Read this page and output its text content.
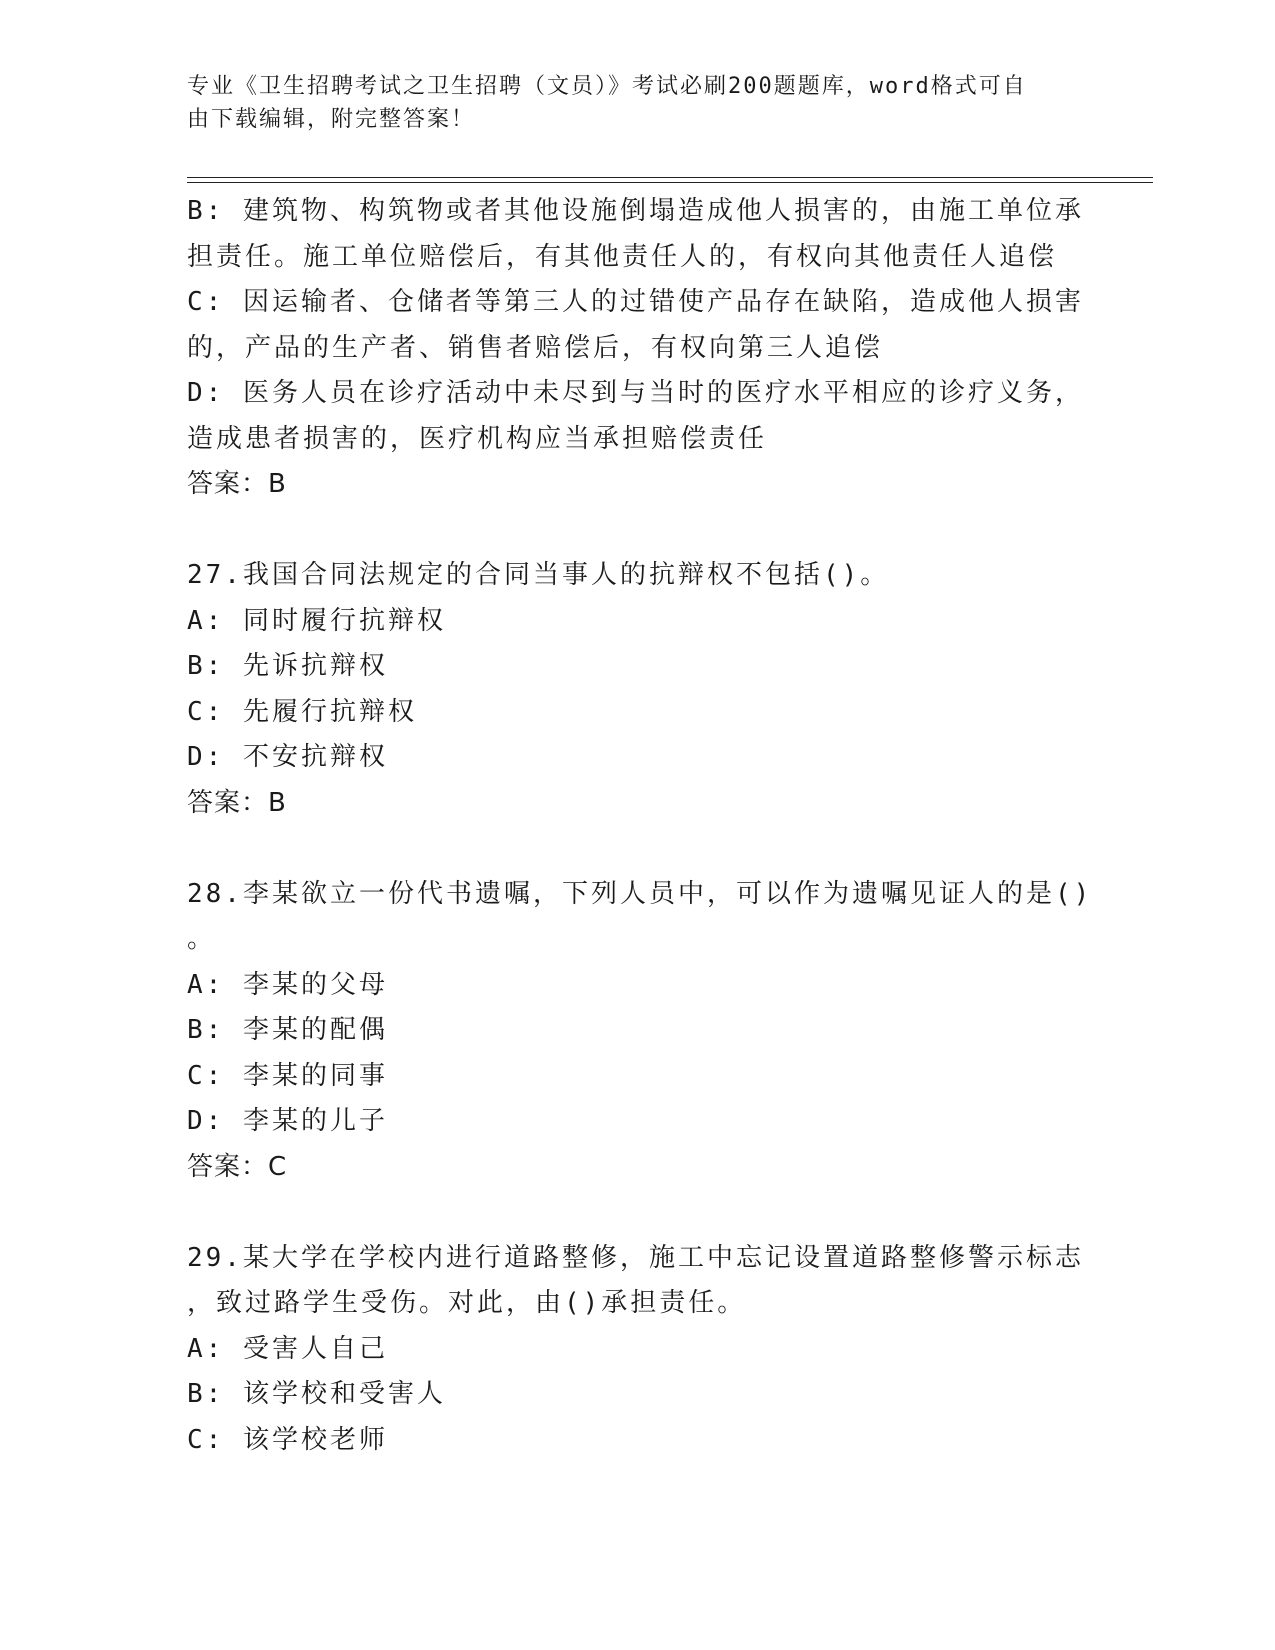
专业《卫生招聘考试之卫生招聘（文员）》考试必刷200题题库，word格式可自
由下载编辑，附完整答案！
B: 建筑物、构筑物或者其他设施倒塌造成他人损害的，由施工单位承
担责任。施工单位赔偿后，有其他责任人的，有权向其他责任人追偿
C: 因运输者、仓储者等第三人的过错使产品存在缺陷，造成他人损害
的，产品的生产者、销售者赔偿后，有权向第三人追偿
D: 医务人员在诊疗活动中未尽到与当时的医疗水平相应的诊疗义务，
造成患者损害的，医疗机构应当承担赔偿责任
答案：B
27.我国合同法规定的合同当事人的抗辩权不包括()。
A: 同时履行抗辩权
B: 先诉抗辩权
C: 先履行抗辩权
D: 不安抗辩权
答案：B
28.李某欲立一份代书遗嘱，下列人员中，可以作为遗嘱见证人的是()
。
A: 李某的父母
B: 李某的配偶
C: 李某的同事
D: 李某的儿子
答案：C
29.某大学在学校内进行道路整修，施工中忘记设置道路整修警示标志
，致过路学生受伤。对此，由()承担责任。
A: 受害人自己
B: 该学校和受害人
C: 该学校老师
